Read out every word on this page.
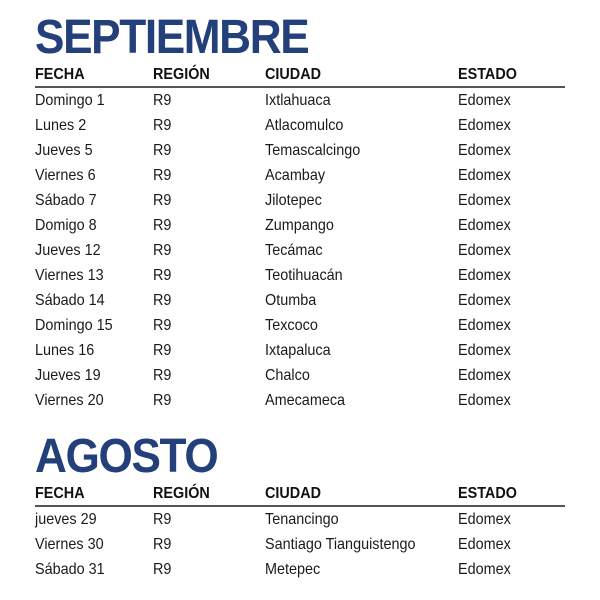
SEPTIEMBRE
FECHA	REGIÓN	CIUDAD	ESTADO
Domingo 1	R9	Ixtlahuaca	Edomex
Lunes 2	R9	Atlacomulco	Edomex
Jueves 5	R9	Temascalcingo	Edomex
Viernes 6	R9	Acambay	Edomex
Sábado 7	R9	Jilotepec	Edomex
Domigo 8	R9	Zumpango	Edomex
Jueves 12	R9	Tecámac	Edomex
Viernes 13	R9	Teotihuacán	Edomex
Sábado 14	R9	Otumba	Edomex
Domingo 15	R9	Texcoco	Edomex
Lunes 16	R9	Ixtapaluca	Edomex
Jueves 19	R9	Chalco	Edomex
Viernes 20	R9	Amecameca	Edomex
AGOSTO
FECHA	REGIÓN	CIUDAD	ESTADO
jueves 29	R9	Tenancingo	Edomex
Viernes 30	R9	Santiago Tianguistengo	Edomex
Sábado 31	R9	Metepec	Edomex
